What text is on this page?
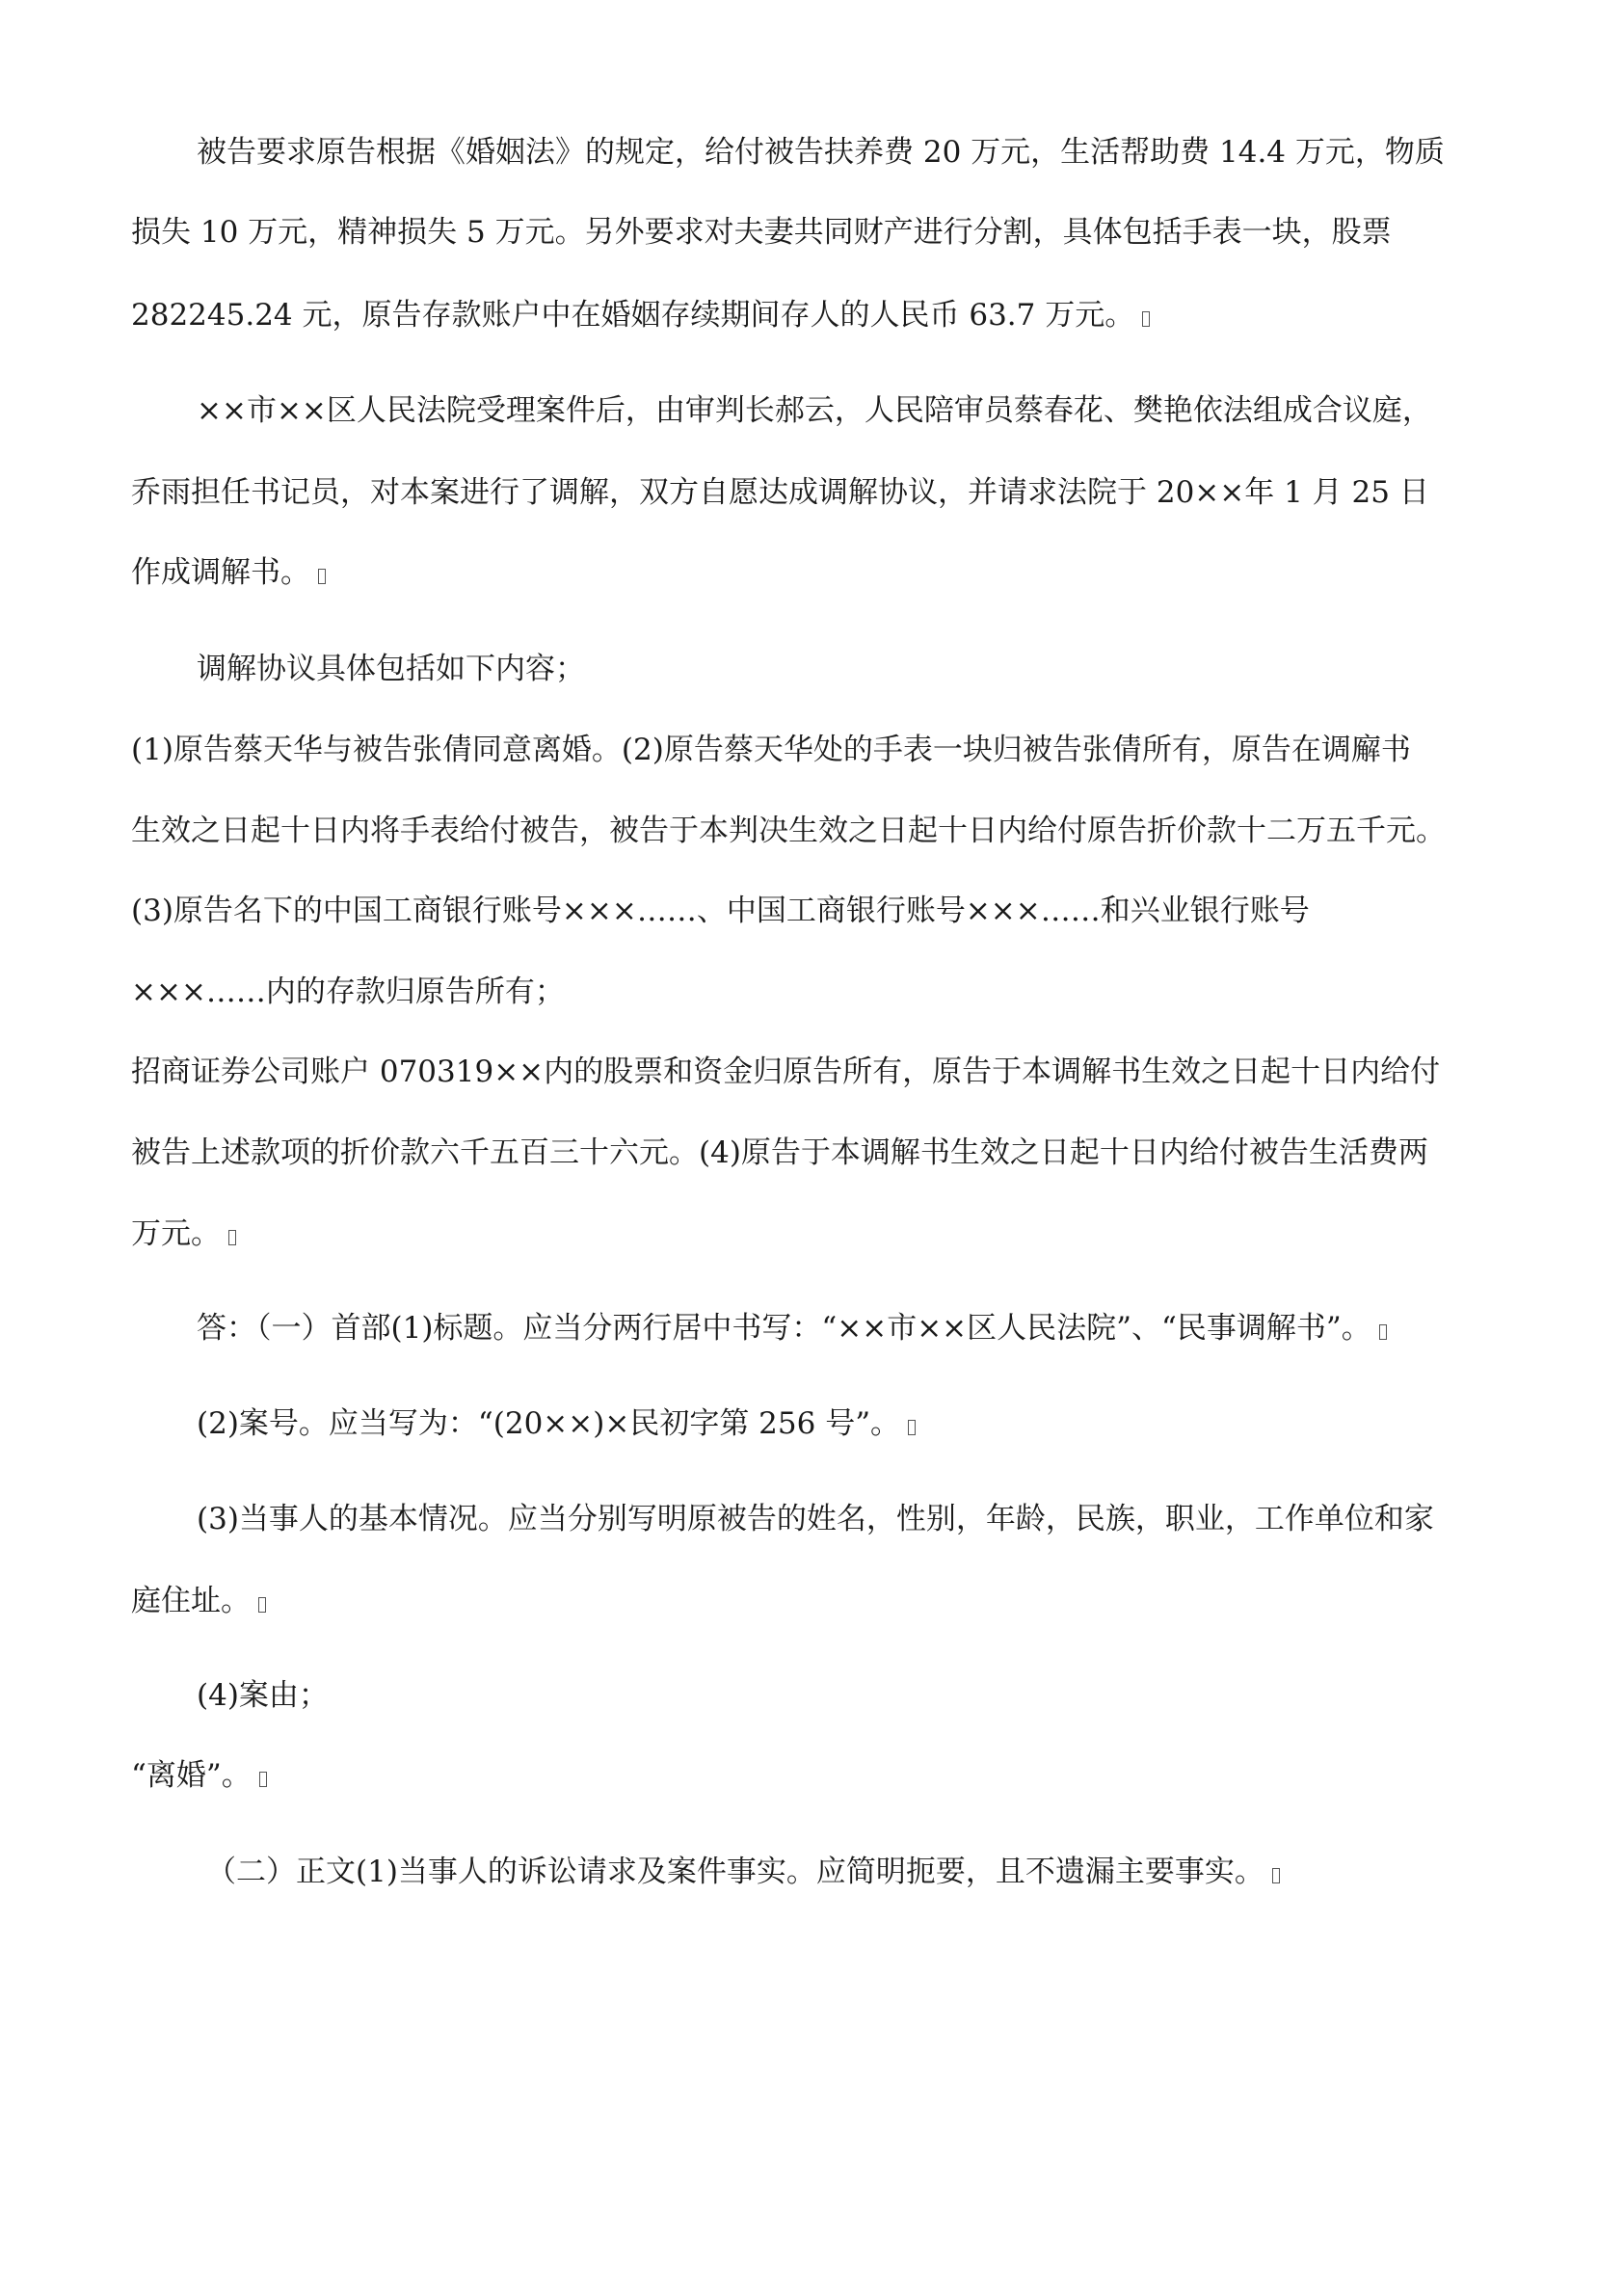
被告要求原告根据《婚姻法》的规定，给付被告扶养费 20 万元，生活帮助费 14.4 万元，物质
损失 10 万元，精神损失 5 万元。另外要求对夫妻共同财产进行分割，具体包括手表一块，股票
282245.24 元，原告存款账户中在婚姻存续期间存人的人民币 63.7 万元。
××市××区人民法院受理案件后，由审判长郝云，人民陪审员蔡春花、樊艳依法组成合议庭，
乔雨担任书记员，对本案进行了调解，双方自愿达成调解协议，并请求法院于 20××年 1 月 25 日
作成调解书。
调解协议具体包括如下内容；
(1)原告蔡天华与被告张倩同意离婚。(2)原告蔡天华处的手表一块归被告张倩所有，原告在调廨书
生效之日起十日内将手表给付被告，被告于本判决生效之日起十日内给付原告折价款十二万五千元。
(3)原告名下的中国工商银行账号×××……、中国工商银行账号×××……和兴业银行账号
×××……内的存款归原告所有；
招商证券公司账户 070319××内的股票和资金归原告所有，原告于本调解书生效之日起十日内给付
被告上述款项的折价款六千五百三十六元。(4)原告于本调解书生效之日起十日内给付被告生活费两
万元。
答：（一）首部(1)标题。应当分两行居中书写：“××市××区人民法院”、“民事调解书”。
(2)案号。应当写为：“(20××)×民初字第 256 号”。
(3)当事人的基本情况。应当分别写明原被告的姓名，性别，年龄，民族，职业，工作单位和家
庭住址。
(4)案由；
“离婚”。
（二）正文(1)当事人的诉讼请求及案件事实。应简明扼要，且不遗漏主要事实。
